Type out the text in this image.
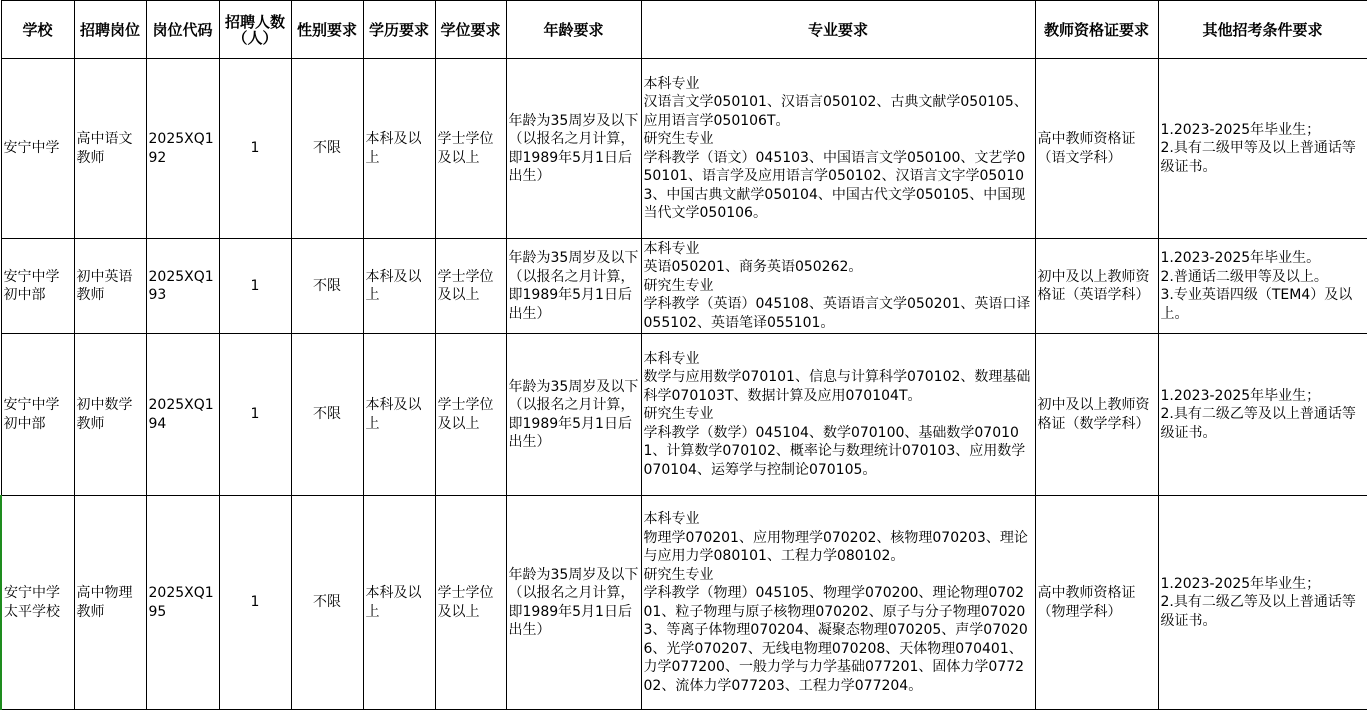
学校	招聘岗位	岗位代码	招聘人数（人）	性别要求	学历要求	学位要求	年龄要求	专业要求	教师资格证要求	其他招考条件要求
安宁中学	高中语文教师	2025XQ192	1	不限	本科及以上	学士学位及以上	年龄为35周岁及以下（以报名之月计算，即1989年5月1日后出生）	本科专业
汉语言文学050101、汉语言050102、古典文献学050105、应用语言学050106T。
研究生专业
学科教学（语文）045103、中国语言文学050100、文艺学050101、语言学及应用语言学050102、汉语言文字学050103、中国古典文献学050104、中国古代文学050105、中国现当代文学050106。	高中教师资格证（语文学科）	1.2023-2025年毕业生；
2.具有二级甲等及以上普通话等级证书。
安宁中学初中部	初中英语教师	2025XQ193	1	不限	本科及以上	学士学位及以上	年龄为35周岁及以下（以报名之月计算，即1989年5月1日后出生）	本科专业
英语050201、商务英语050262。
研究生专业
学科教学（英语）045108、英语语言文学050201、英语口译055102、英语笔译055101。	初中及以上教师资格证（英语学科）	1.2023-2025年毕业生。
2.普通话二级甲等及以上。
3.专业英语四级（TEM4）及以上。
安宁中学初中部	初中数学教师	2025XQ194	1	不限	本科及以上	学士学位及以上	年龄为35周岁及以下（以报名之月计算，即1989年5月1日后出生）	本科专业
数学与应用数学070101、信息与计算科学070102、数理基础科学070103T、数据计算及应用070104T。
研究生专业
学科教学（数学）045104、数学070100、基础数学070101、计算数学070102、概率论与数理统计070103、应用数学070104、运筹学与控制论070105。	初中及以上教师资格证（数学学科）	1.2023-2025年毕业生；
2.具有二级乙等及以上普通话等级证书。
安宁中学太平学校	高中物理教师	2025XQ195	1	不限	本科及以上	学士学位及以上	年龄为35周岁及以下（以报名之月计算，即1989年5月1日后出生）	本科专业
物理学070201、应用物理学070202、核物理070203、理论与应用力学080101、工程力学080102。
研究生专业
学科教学（物理）045105、物理学070200、理论物理070201、粒子物理与原子核物理070202、原子与分子物理070203、等离子体物理070204、凝聚态物理070205、声学070206、光学070207、无线电物理070208、天体物理070401、力学077200、一般力学与力学基础077201、固体力学077202、流体力学077203、工程力学077204。	高中教师资格证（物理学科）	1.2023-2025年毕业生；
2.具有二级乙等及以上普通话等级证书。
